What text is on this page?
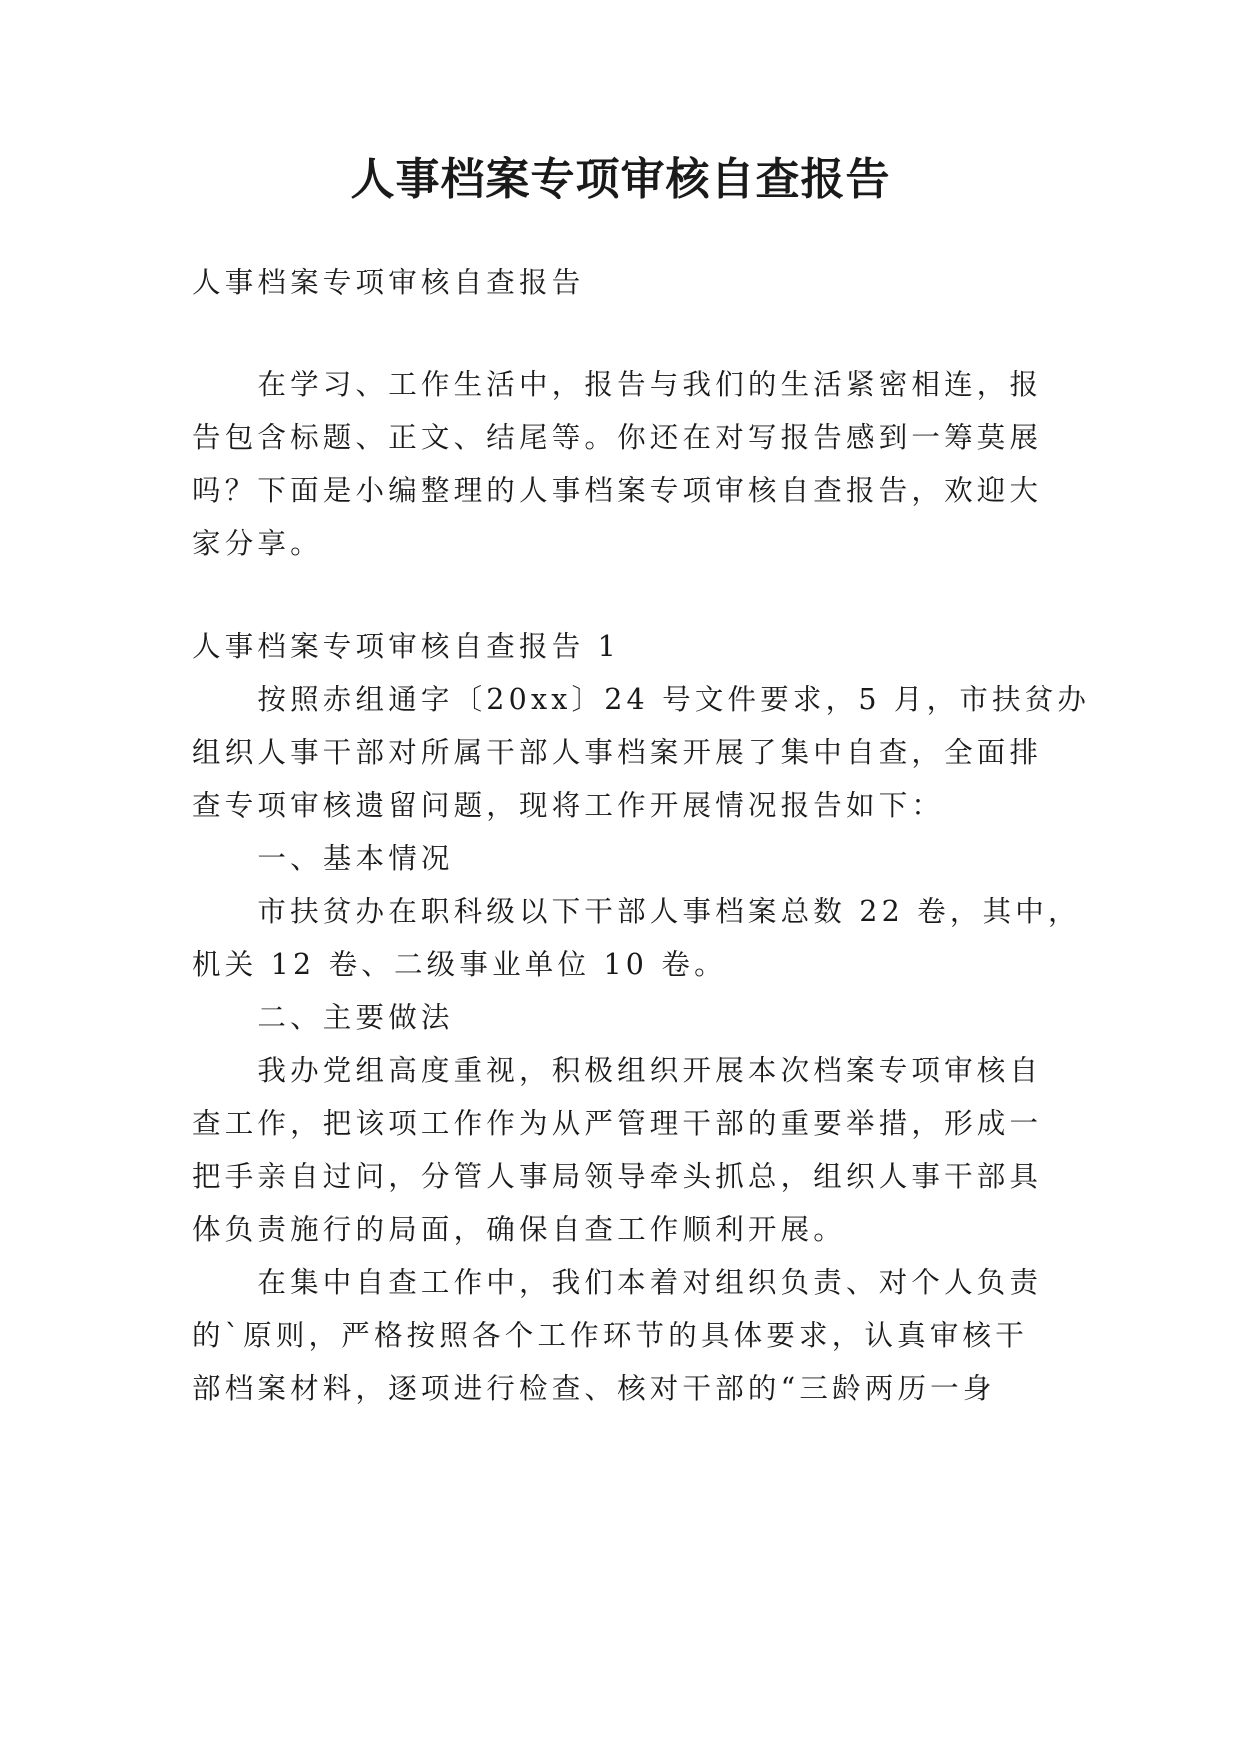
人事档案专项审核自查报告
人事档案专项审核自查报告
　　在学习、工作生活中，报告与我们的生活紧密相连，报
告包含标题、正文、结尾等。你还在对写报告感到一筹莫展
吗？下面是小编整理的人事档案专项审核自查报告，欢迎大
家分享。
人事档案专项审核自查报告 1
　　按照赤组通字〔20xx〕24 号文件要求，5 月，市扶贫办
组织人事干部对所属干部人事档案开展了集中自查，全面排
查专项审核遗留问题，现将工作开展情况报告如下：
　　一、基本情况
　　市扶贫办在职科级以下干部人事档案总数 22 卷，其中，
机关 12 卷、二级事业单位 10 卷。
　　二、主要做法
　　我办党组高度重视，积极组织开展本次档案专项审核自
查工作，把该项工作作为从严管理干部的重要举措，形成一
把手亲自过问，分管人事局领导牵头抓总，组织人事干部具
体负责施行的局面，确保自查工作顺利开展。
　　在集中自查工作中，我们本着对组织负责、对个人负责
的`原则，严格按照各个工作环节的具体要求，认真审核干
部档案材料，逐项进行检查、核对干部的“三龄两历一身
